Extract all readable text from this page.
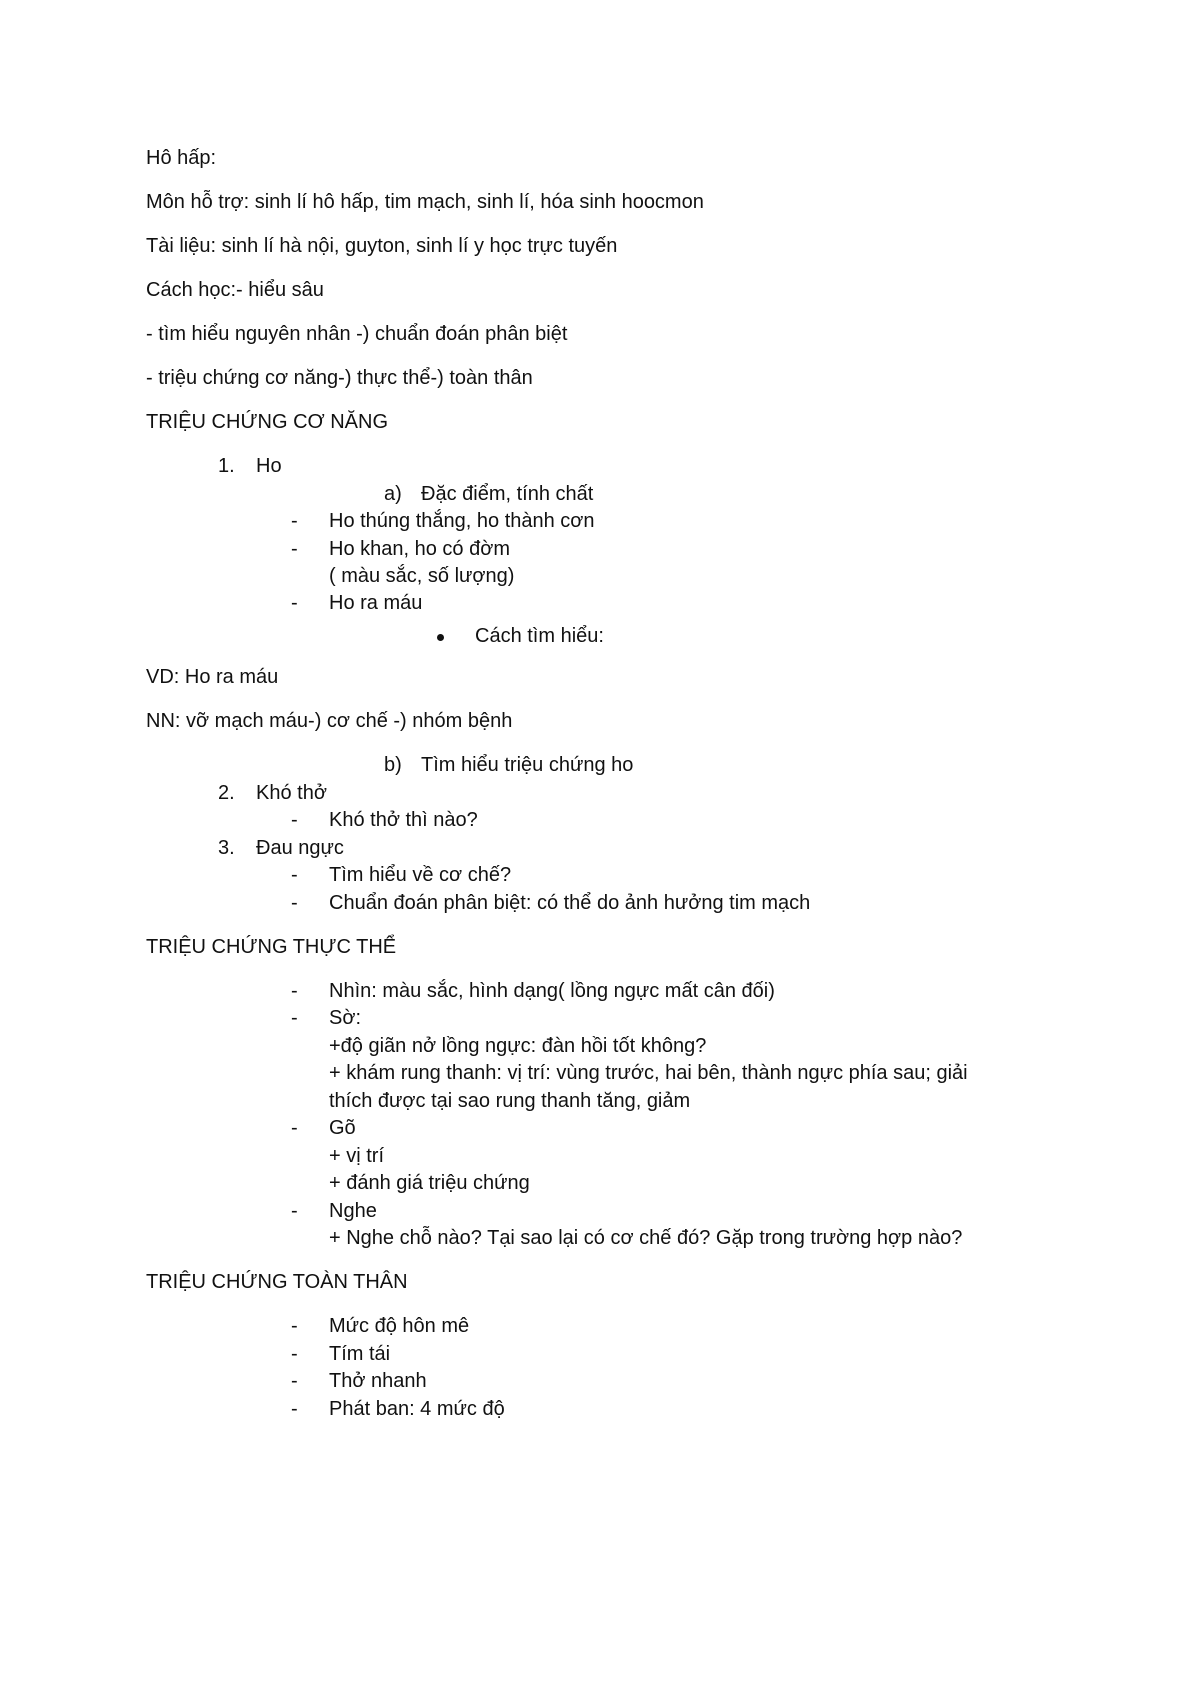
Hô hấp:
Môn hỗ trợ: sinh lí hô hấp, tim mạch, sinh lí, hóa sinh hoocmon
Tài liệu: sinh lí hà nội, guyton, sinh lí y học trực tuyến
Cách học:- hiểu sâu
- tìm hiểu nguyên nhân -) chuẩn đoán phân biệt
- triệu chứng cơ năng-) thực thể-) toàn thân
TRIỆU CHỨNG CƠ NĂNG
1. Ho
a) Đặc điểm, tính chất
- Ho thúng thắng, ho thành cơn
- Ho khan, ho có đờm
( màu sắc, số lượng)
- Ho ra máu
Cách tìm hiểu:
VD: Ho ra máu
NN: vỡ mạch máu-) cơ chế -) nhóm bệnh
b) Tìm hiểu triệu chứng ho
2. Khó thở
- Khó thở thì nào?
3. Đau ngực
- Tìm hiểu về cơ chế?
- Chuẩn đoán phân biệt: có thể do ảnh hưởng tim mạch
TRIỆU CHỨNG THỰC THỂ
- Nhìn: màu sắc, hình dạng( lồng ngực mất cân đối)
- Sờ:
+độ giãn nở lồng ngực: đàn hồi tốt không?
+ khám rung thanh: vị trí: vùng trước, hai bên, thành ngực phía sau; giải
thích được tại sao rung thanh tăng, giảm
- Gõ
+ vị trí
+ đánh giá triệu chứng
- Nghe
+ Nghe chỗ nào? Tại sao lại có cơ chế đó? Gặp trong trường hợp nào?
TRIỆU CHỨNG TOÀN THÂN
- Mức độ hôn mê
- Tím tái
- Thở nhanh
- Phát ban: 4 mức độ
